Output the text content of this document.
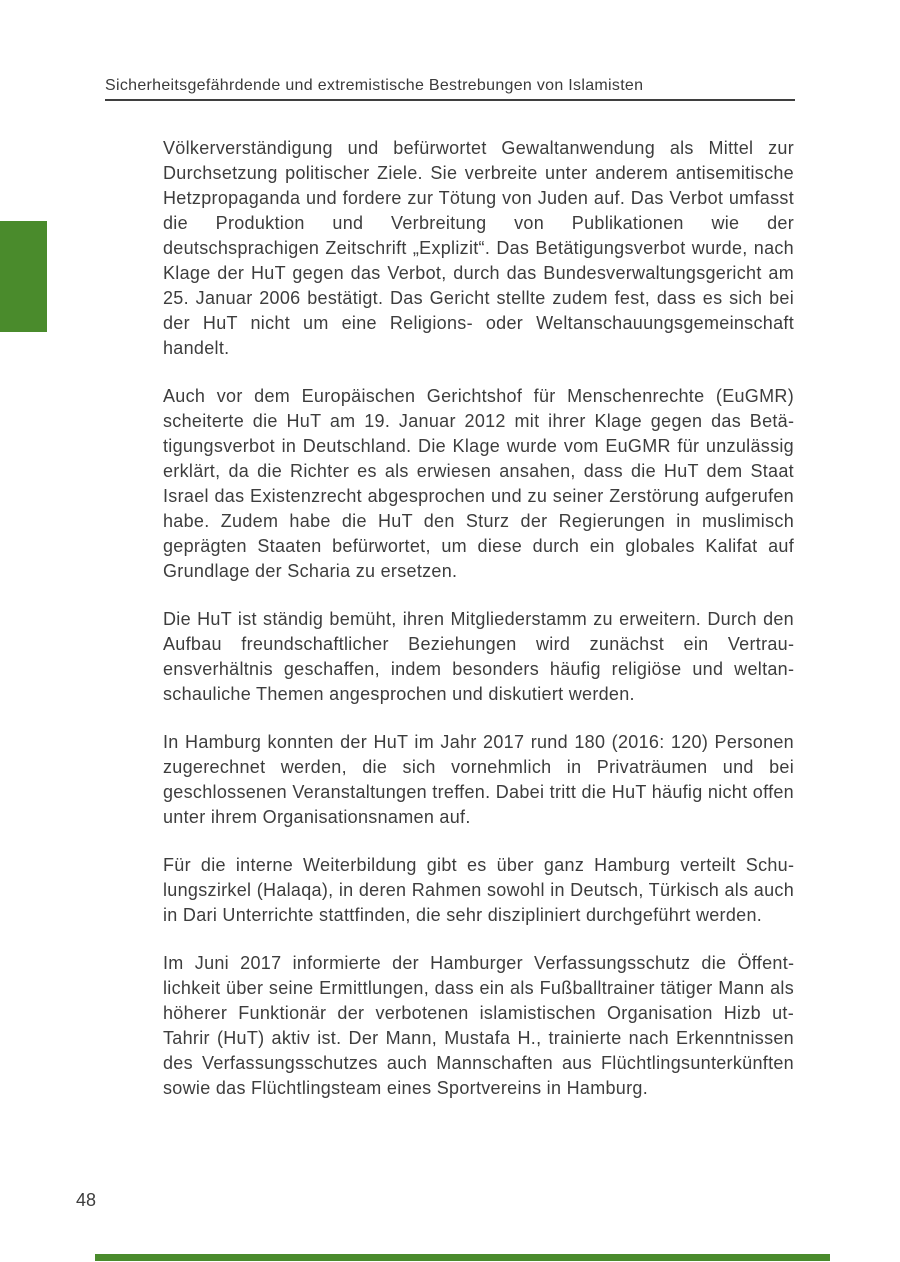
Sicherheitsgefährdende und extremistische Bestrebungen von Islamisten

Völkerverständigung und befürwortet Gewaltanwendung als Mittel zur Durchsetzung politischer Ziele. Sie verbreite unter anderem antisemitische Hetzpropaganda und fordere zur Tötung von Juden auf. Das Verbot umfasst die Produktion und Verbreitung von Publikationen wie der deutschsprachigen Zeitschrift „Explizit“. Das Betätigungsverbot wurde, nach Klage der HuT gegen das Verbot, durch das Bundesverwaltungsgericht am 25. Januar 2006 bestätigt. Das Gericht stellte zudem fest, dass es sich bei der HuT nicht um eine Religions- oder Weltanschauungsgemeinschaft handelt.

Auch vor dem Europäischen Gerichtshof für Menschenrechte (EuGMR) scheiterte die HuT am 19. Januar 2012 mit ihrer Klage gegen das Betätigungsverbot in Deutschland. Die Klage wurde vom EuGMR für unzulässig erklärt, da die Richter es als erwiesen ansahen, dass die HuT dem Staat Israel das Existenzrecht abgesprochen und zu seiner Zerstörung aufgerufen habe. Zudem habe die HuT den Sturz der Regierungen in muslimisch geprägten Staaten befürwortet, um diese durch ein globales Kalifat auf Grundlage der Scharia zu ersetzen.

Die HuT ist ständig bemüht, ihren Mitgliederstamm zu erweitern. Durch den Aufbau freundschaftlicher Beziehungen wird zunächst ein Vertrauensverhältnis geschaffen, indem besonders häufig religiöse und weltanschauliche Themen angesprochen und diskutiert werden.

In Hamburg konnten der HuT im Jahr 2017 rund 180 (2016: 120) Personen zugerechnet werden, die sich vornehmlich in Privaträumen und bei geschlossenen Veranstaltungen treffen. Dabei tritt die HuT häufig nicht offen unter ihrem Organisationsnamen auf.

Für die interne Weiterbildung gibt es über ganz Hamburg verteilt Schulungszirkel (Halaqa), in deren Rahmen sowohl in Deutsch, Türkisch als auch in Dari Unterrichte stattfinden, die sehr diszipliniert durchgeführt werden.

Im Juni 2017 informierte der Hamburger Verfassungsschutz die Öffentlichkeit über seine Ermittlungen, dass ein als Fußballtrainer tätiger Mann als höherer Funktionär der verbotenen islamistischen Organisation Hizb ut-Tahrir (HuT) aktiv ist. Der Mann, Mustafa H., trainierte nach Erkenntnissen des Verfassungsschutzes auch Mannschaften aus Flüchtlingsunterkünften sowie das Flüchtlingsteam eines Sportvereins in Hamburg.

48
